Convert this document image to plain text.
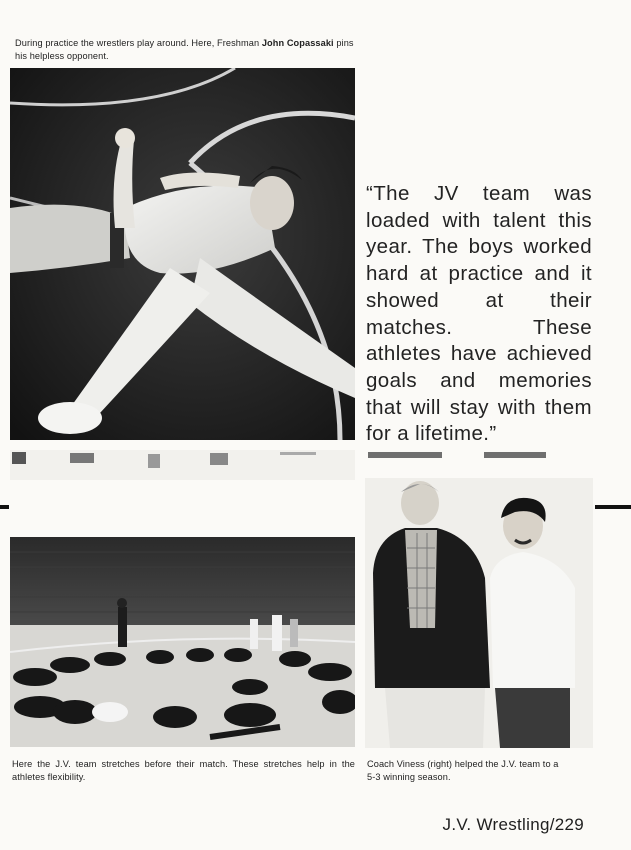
During practice the wrestlers play around. Here, Freshman John Copassaki pins his helpless opponent.
“The JV team was loaded with talent this year. The boys worked hard at practice and it showed at their matches. These athletes have achieved goals and memories that will stay with them for a lifetime.”
Here the J.V. team stretches before their match. These stretches help in the athletes flexibility.
Coach Viness (right) helped the J.V. team to a 5-3 winning season.
J.V. Wrestling/229
